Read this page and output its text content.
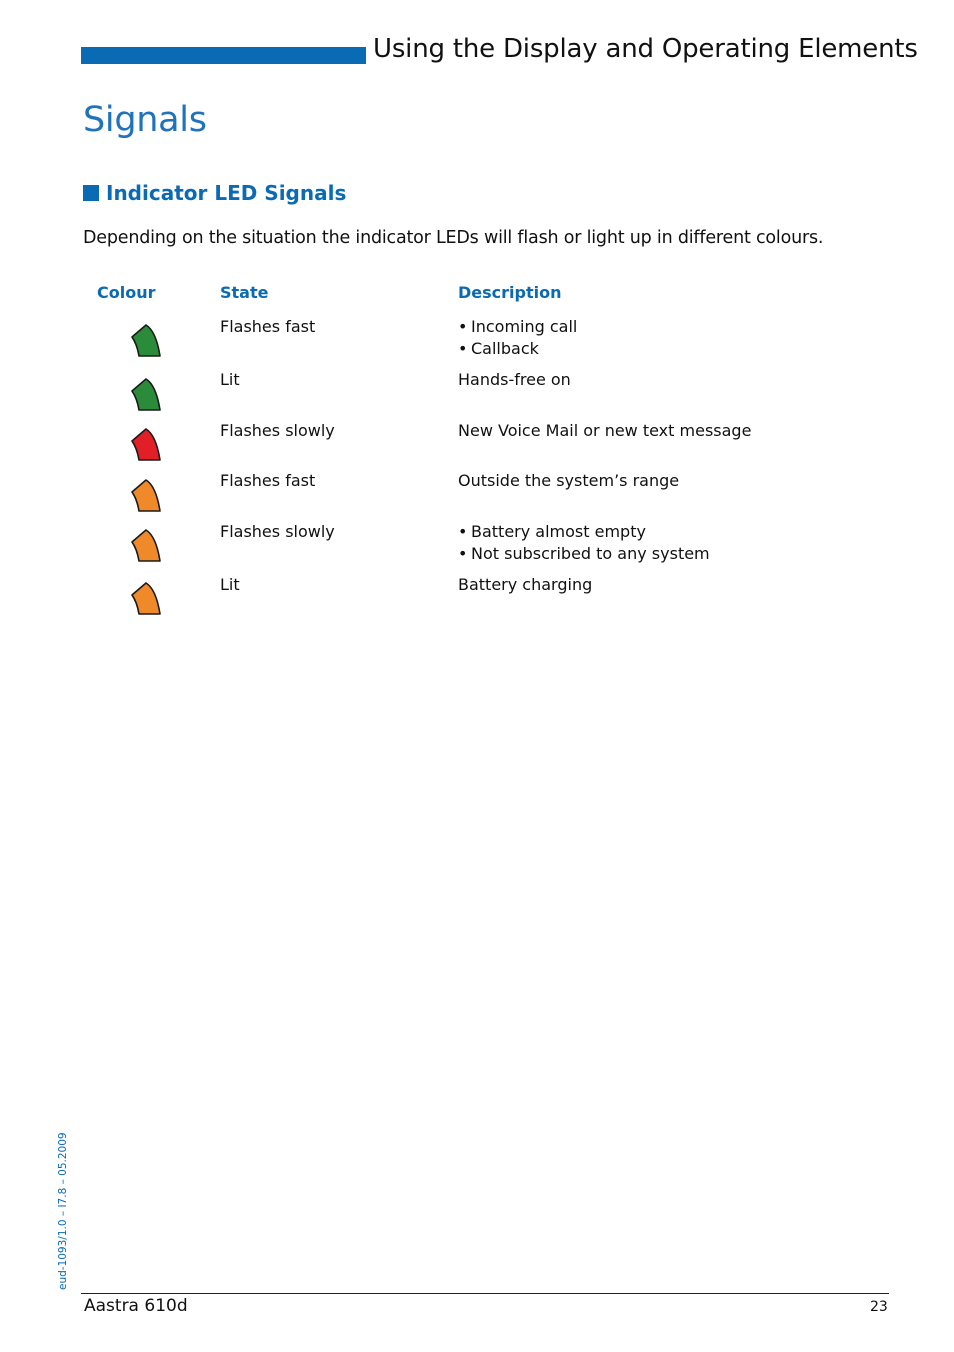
Using the Display and Operating Elements
Signals
Indicator LED Signals
Depending on the situation the indicator LEDs will flash or light up in different colours.
Colour	State	Description
Flashes fast	• Incoming call
• Callback
Lit	Hands-free on
Flashes slowly	New Voice Mail or new text message
Flashes fast	Outside the system’s range
Flashes slowly	• Battery almost empty
• Not subscribed to any system
Lit	Battery charging
eud-1093/1.0 – I7.8 – 05.2009
Aastra 610d	23
